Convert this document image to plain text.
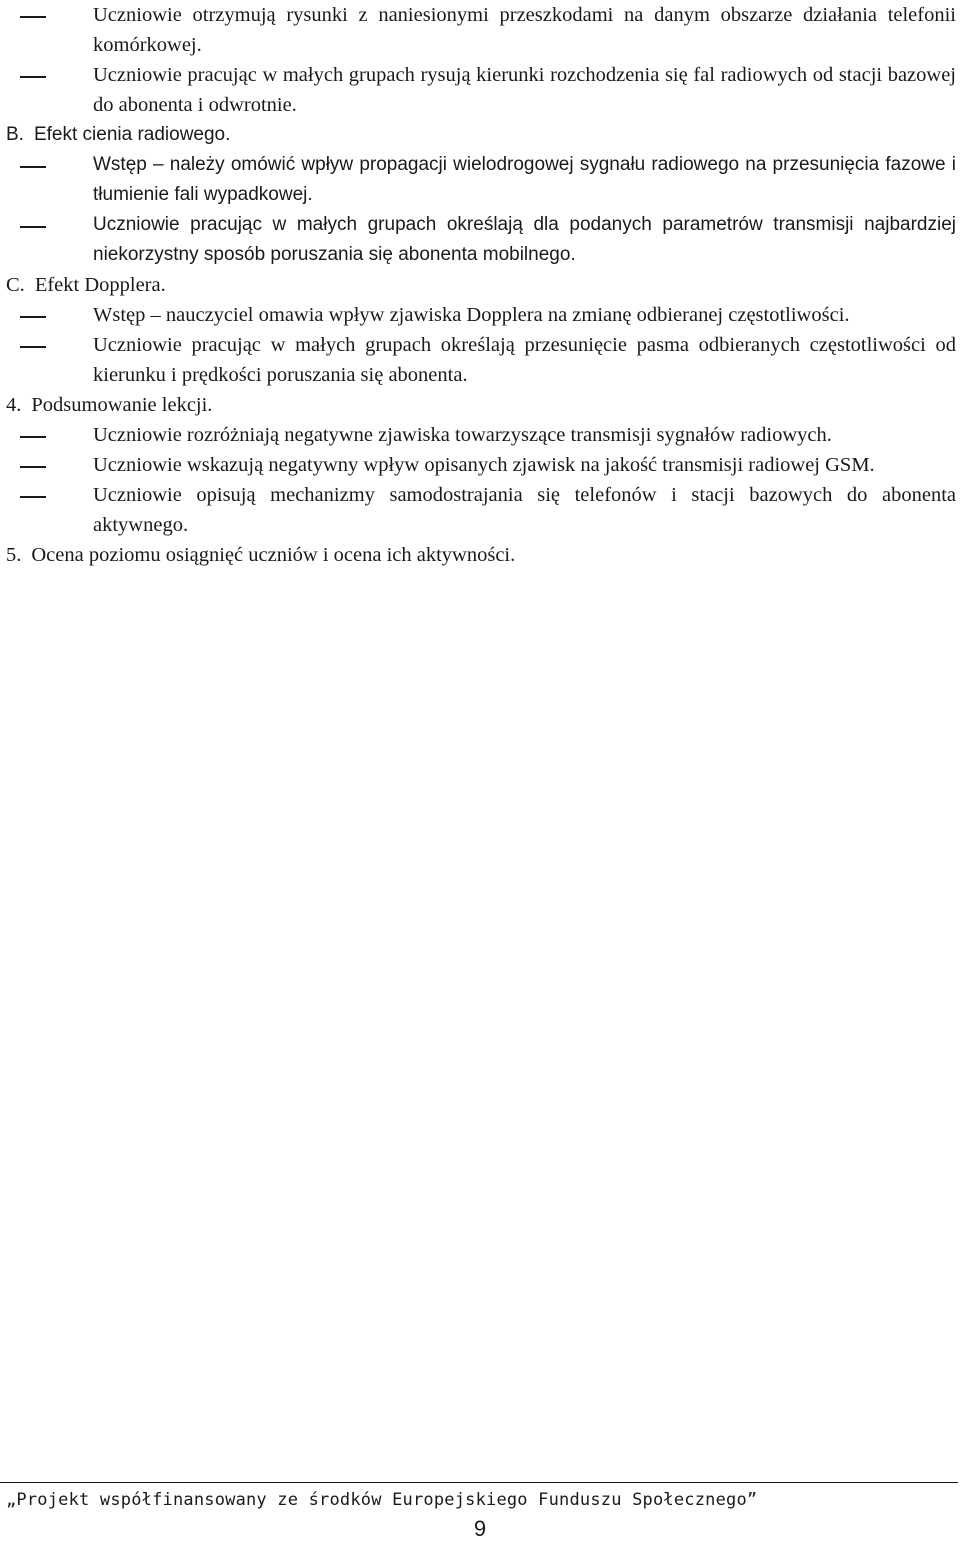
Uczniowie otrzymują rysunki z naniesionymi przeszkodami na danym obszarze działania telefonii komórkowej.

Uczniowie pracując w małych grupach rysują kierunki rozchodzenia się fal radiowych od stacji bazowej do abonenta i odwrotnie.

B. Efekt cienia radiowego.

Wstęp – należy omówić wpływ propagacji wielodrogowej sygnału radiowego na przesunięcia fazowe i tłumienie fali wypadkowej.

Uczniowie pracując w małych grupach określają dla podanych parametrów transmisji najbardziej niekorzystny sposób poruszania się abonenta mobilnego.

C. Efekt Dopplera.

Wstęp – nauczyciel omawia wpływ zjawiska Dopplera na zmianę odbieranej częstotliwości.

Uczniowie pracując w małych grupach określają przesunięcie pasma odbieranych częstotliwości od kierunku i prędkości poruszania się abonenta.

4. Podsumowanie lekcji.

Uczniowie rozróżniają negatywne zjawiska towarzyszące transmisji sygnałów radiowych.

Uczniowie wskazują negatywny wpływ opisanych zjawisk na jakość transmisji radiowej GSM.

Uczniowie opisują mechanizmy samodostrajania się telefonów i stacji bazowych do abonenta aktywnego.

5. Ocena poziomu osiągnięć uczniów i ocena ich aktywności.

„Projekt współfinansowany ze środków Europejskiego Funduszu Społecznego”
9
